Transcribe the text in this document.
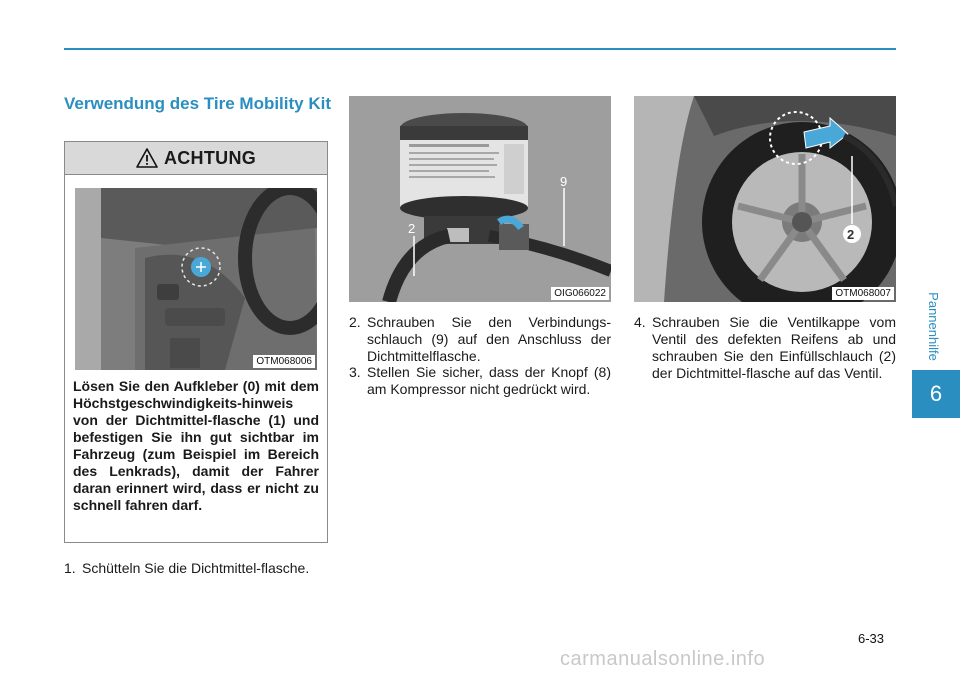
Verwendung des Tire Mobility Kit
ACHTUNG
OTM068006
Lösen Sie den Aufkleber (0) mit dem Höchstgeschwindigkeits-hinweis von der Dichtmittel-flasche (1) und befestigen Sie ihn gut sichtbar im Fahrzeug (zum Beispiel im Bereich des Lenkrads), damit der Fahrer daran erinnert wird, dass er nicht zu schnell fahren darf.
1. Schütteln Sie die Dichtmittel-flasche.
9
2
OIG066022
2. Schrauben Sie den Verbindungs-schlauch (9) auf den Anschluss der Dichtmittelflasche.
3. Stellen Sie sicher, dass der Knopf (8) am Kompressor nicht gedrückt wird.
2
OTM068007
4. Schrauben Sie die Ventilkappe vom Ventil des defekten Reifens ab und schrauben Sie den Einfüllschlauch (2) der Dichtmittel-flasche auf das Ventil.
Pannenhilfe
6
6-33
carmanualsonline.info
